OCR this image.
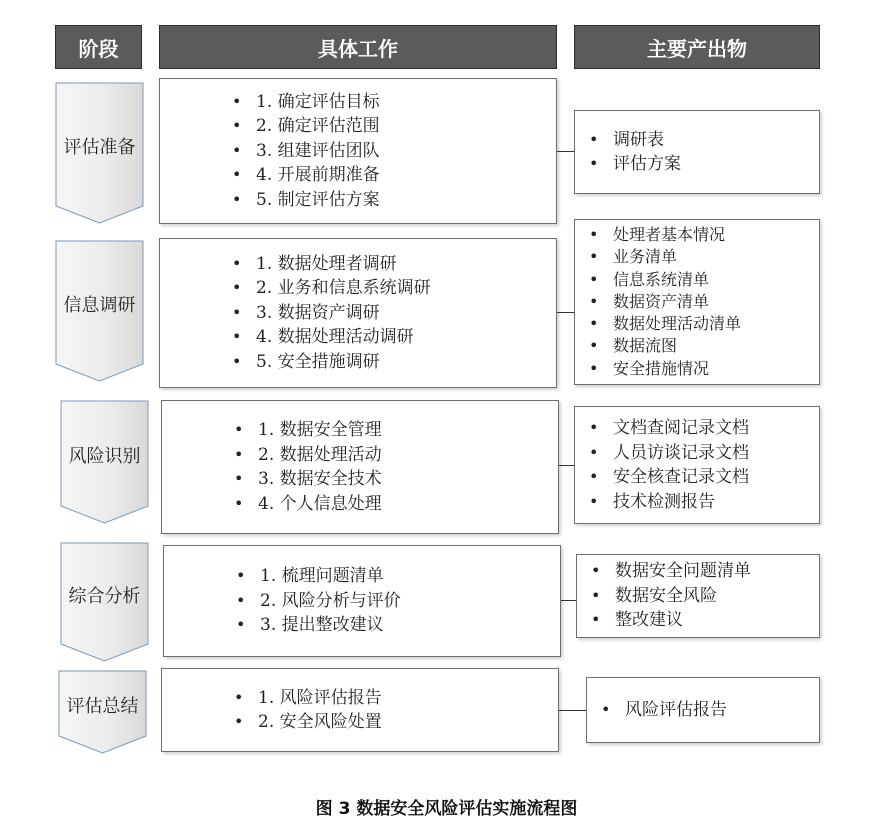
阶段	具体工作	主要产出物
评估准备
信息调研
风险识别
综合分析
评估总结
• 1. 确定评估目标
• 2. 确定评估范围
• 3. 组建评估团队
• 4. 开展前期准备
• 5. 制定评估方案
• 1. 数据处理者调研
• 2. 业务和信息系统调研
• 3. 数据资产调研
• 4. 数据处理活动调研
• 5. 安全措施调研
• 1. 数据安全管理
• 2. 数据处理活动
• 3. 数据安全技术
• 4. 个人信息处理
• 1. 梳理问题清单
• 2. 风险分析与评价
• 3. 提出整改建议
• 1. 风险评估报告
• 2. 安全风险处置
• 调研表
• 评估方案
• 处理者基本情况
• 业务清单
• 信息系统清单
• 数据资产清单
• 数据处理活动清单
• 数据流图
• 安全措施情况
• 文档查阅记录文档
• 人员访谈记录文档
• 安全核查记录文档
• 技术检测报告
• 数据安全问题清单
• 数据安全风险
• 整改建议
• 风险评估报告
图 3 数据安全风险评估实施流程图
